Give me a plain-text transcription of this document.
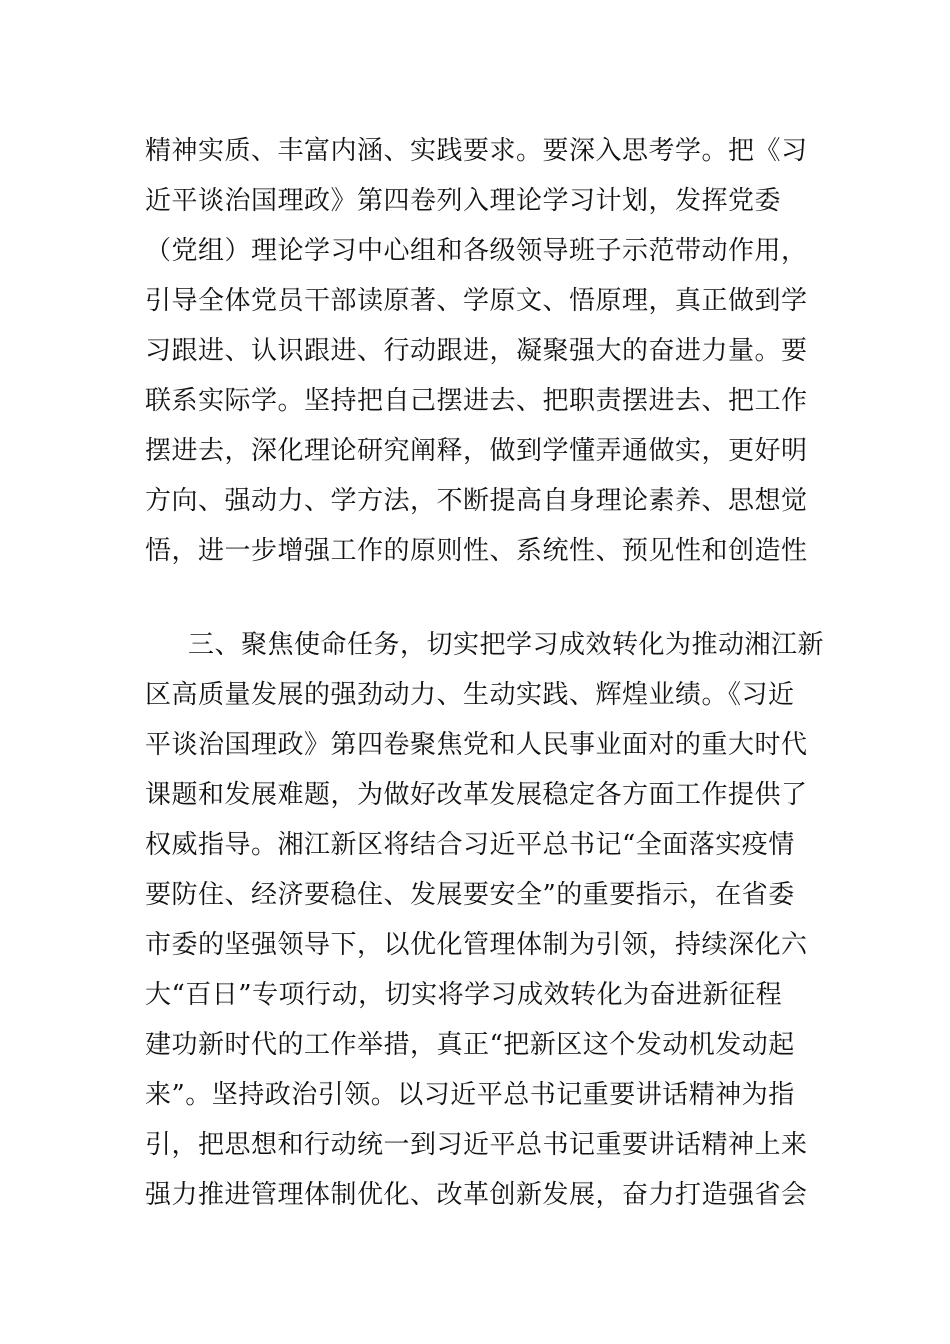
精神实质、丰富内涵、实践要求。要深入思考学。把《习
近平谈治国理政》第四卷列入理论学习计划，发挥党委
（党组）理论学习中心组和各级领导班子示范带动作用，
引导全体党员干部读原著、学原文、悟原理，真正做到学
习跟进、认识跟进、行动跟进，凝聚强大的奋进力量。要
联系实际学。坚持把自己摆进去、把职责摆进去、把工作
摆进去，深化理论研究阐释，做到学懂弄通做实，更好明
方向、强动力、学方法，不断提高自身理论素养、思想觉
悟，进一步增强工作的原则性、系统性、预见性和创造性
三、聚焦使命任务，切实把学习成效转化为推动湘江新
区高质量发展的强劲动力、生动实践、辉煌业绩。《习近
平谈治国理政》第四卷聚焦党和人民事业面对的重大时代
课题和发展难题，为做好改革发展稳定各方面工作提供了
权威指导。湘江新区将结合习近平总书记“全面落实疫情
要防住、经济要稳住、发展要安全”的重要指示，在省委
市委的坚强领导下，以优化管理体制为引领，持续深化六
大“百日”专项行动，切实将学习成效转化为奋进新征程
建功新时代的工作举措，真正“把新区这个发动机发动起
来”。坚持政治引领。以习近平总书记重要讲话精神为指
引，把思想和行动统一到习近平总书记重要讲话精神上来
强力推进管理体制优化、改革创新发展，奋力打造强省会
